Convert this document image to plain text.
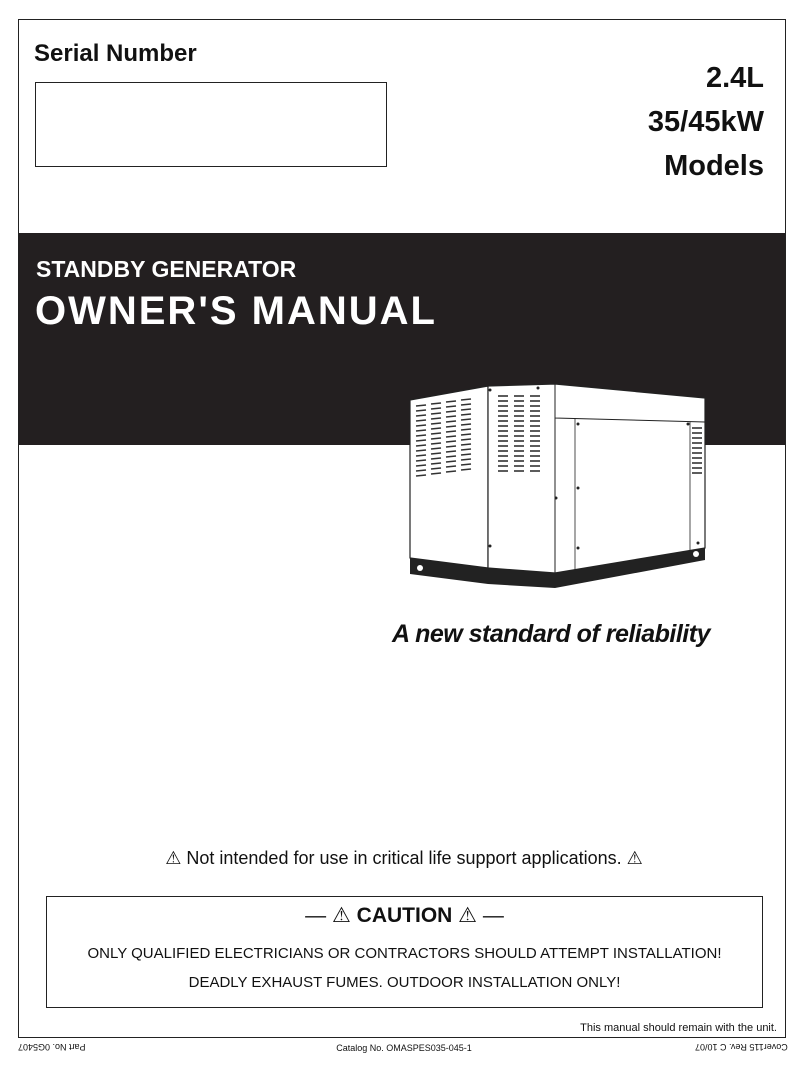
Serial Number
2.4L
35/45kW
Models
STANDBY GENERATOR
OWNER'S MANUAL
A new standard of reliability
⚠ Not intended for use in critical life support applications. ⚠
— ⚠ CAUTION ⚠ —
ONLY QUALIFIED ELECTRICIANS OR CONTRACTORS SHOULD ATTEMPT INSTALLATION!
DEADLY EXHAUST FUMES. OUTDOOR INSTALLATION ONLY!
This manual should remain with the unit.
Part No. 0G5407	Catalog No. OMASPES035-045-1	Cover115 Rev. C 10/07
